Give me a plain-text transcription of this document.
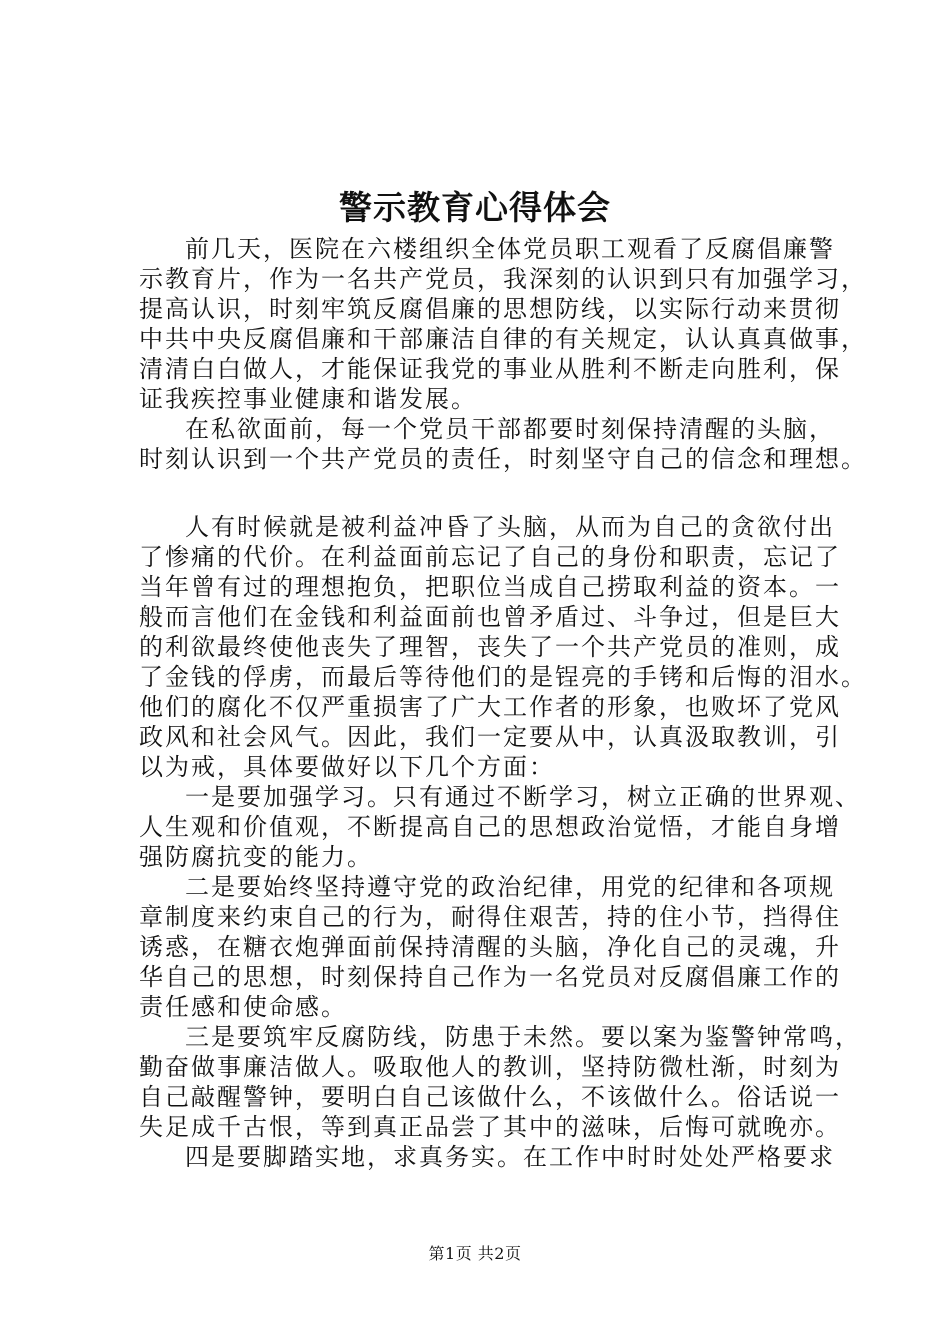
警示教育心得体会
前几天，医院在六楼组织全体党员职工观看了反腐倡廉警
示教育片，作为一名共产党员，我深刻的认识到只有加强学习，
提高认识，时刻牢筑反腐倡廉的思想防线，以实际行动来贯彻
中共中央反腐倡廉和干部廉洁自律的有关规定，认认真真做事，
清清白白做人，才能保证我党的事业从胜利不断走向胜利，保
证我疾控事业健康和谐发展。
在私欲面前，每一个党员干部都要时刻保持清醒的头脑，
时刻认识到一个共产党员的责任，时刻坚守自己的信念和理想。
人有时候就是被利益冲昏了头脑，从而为自己的贪欲付出
了惨痛的代价。在利益面前忘记了自己的身份和职责，忘记了
当年曾有过的理想抱负，把职位当成自己捞取利益的资本。一
般而言他们在金钱和利益面前也曾矛盾过、斗争过，但是巨大
的利欲最终使他丧失了理智，丧失了一个共产党员的准则，成
了金钱的俘虏，而最后等待他们的是锃亮的手铐和后悔的泪水。
他们的腐化不仅严重损害了广大工作者的形象，也败坏了党风
政风和社会风气。因此，我们一定要从中，认真汲取教训，引
以为戒，具体要做好以下几个方面：
一是要加强学习。只有通过不断学习，树立正确的世界观、
人生观和价值观，不断提高自己的思想政治觉悟，才能自身增
强防腐抗变的能力。
二是要始终坚持遵守党的政治纪律，用党的纪律和各项规
章制度来约束自己的行为，耐得住艰苦，持的住小节，挡得住
诱惑，在糖衣炮弹面前保持清醒的头脑，净化自己的灵魂，升
华自己的思想，时刻保持自己作为一名党员对反腐倡廉工作的
责任感和使命感。
三是要筑牢反腐防线，防患于未然。要以案为鉴警钟常鸣，
勤奋做事廉洁做人。吸取他人的教训，坚持防微杜渐，时刻为
自己敲醒警钟，要明白自己该做什么，不该做什么。俗话说一
失足成千古恨，等到真正品尝了其中的滋味，后悔可就晚亦。
四是要脚踏实地，求真务实。在工作中时时处处严格要求
第1页 共2页
